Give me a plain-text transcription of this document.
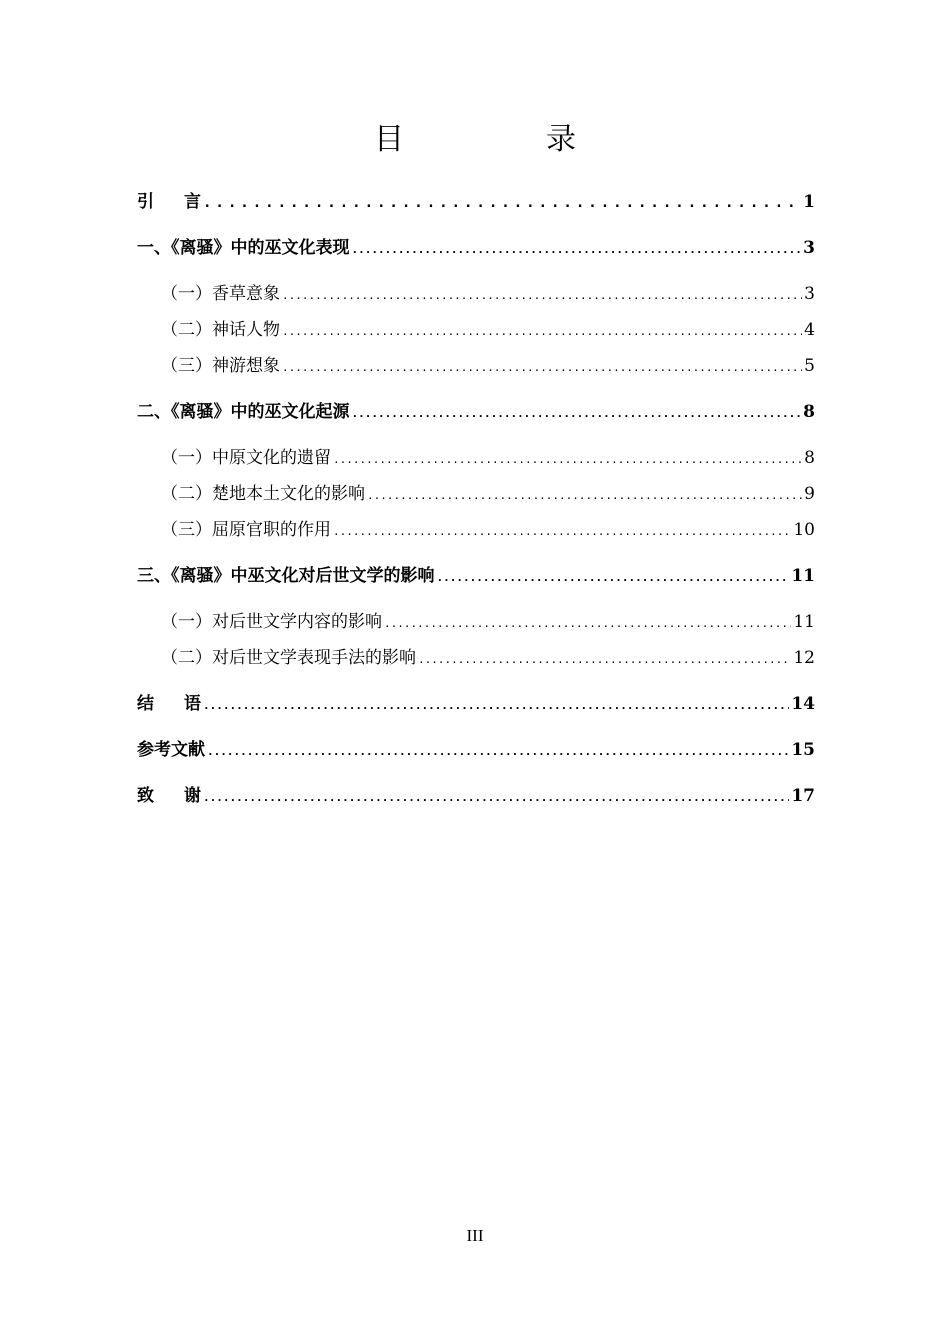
目　录
引言 .....	1
一、《离骚》中的巫文化表现 .....	3
（一）香草意象 .....	3
（二）神话人物 .....	4
（三）神游想象 .....	5
二、《离骚》中的巫文化起源 .....	8
（一）中原文化的遗留 .....	8
（二）楚地本土文化的影响 .....	9
（三）屈原官职的作用 .....	10
三、《离骚》中巫文化对后世文学的影响 .....	11
（一）对后世文学内容的影响 .....	11
（二）对后世文学表现手法的影响 .....	12
结语 .....	14
参考文献 .....	15
致谢 .....	17
III
